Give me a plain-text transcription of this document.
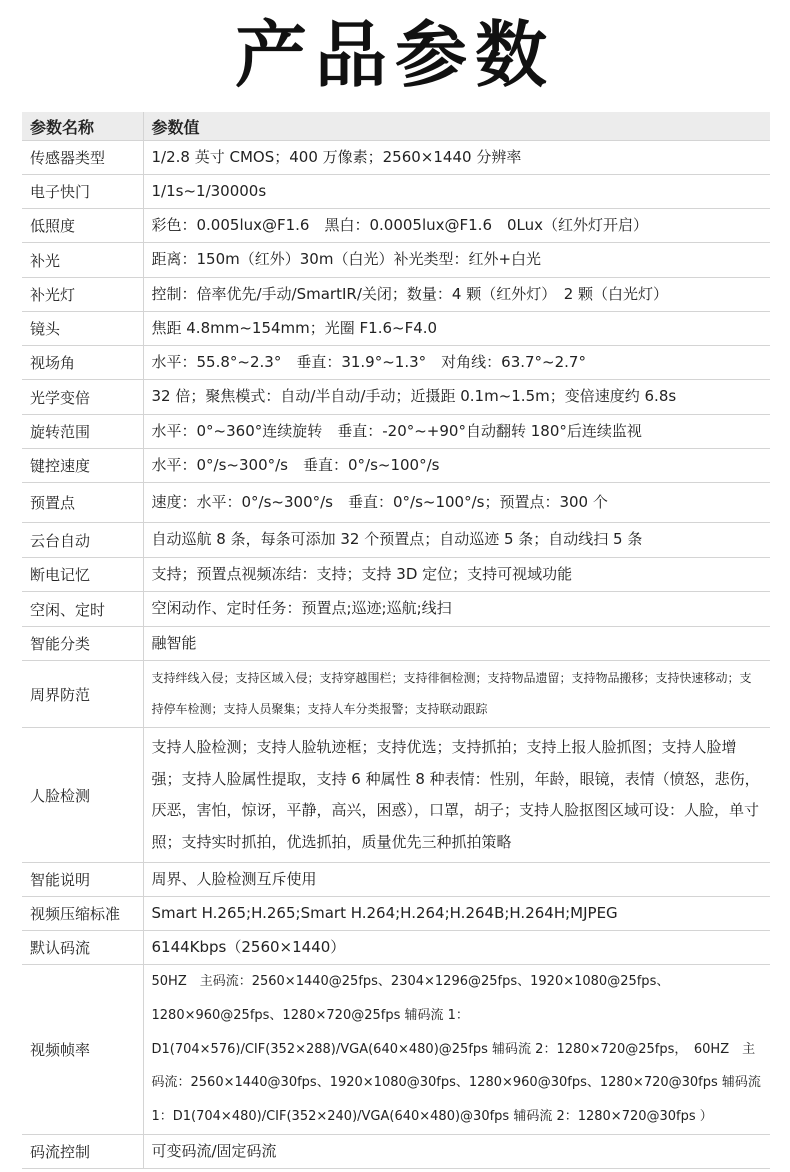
产品参数
参数名称	参数值
传感器类型	1/2.8 英寸 CMOS；400 万像素；2560×1440 分辨率
电子快门	1/1s~1/30000s
低照度	彩色：0.005lux@F1.6　黑白：0.0005lux@F1.6　0Lux（红外灯开启）
补光	距离：150m（红外）30m（白光）补光类型：红外+白光
补光灯	控制：倍率优先/手动/SmartIR/关闭；数量：4 颗（红外灯）　2 颗（白光灯）
镜头	焦距 4.8mm~154mm；光圈 F1.6~F4.0
视场角	水平：55.8°~2.3°　垂直：31.9°~1.3°　对角线：63.7°~2.7°
光学变倍	32 倍；聚焦模式：自动/半自动/手动；近摄距 0.1m~1.5m；变倍速度约 6.8s
旋转范围	水平：0°~360°连续旋转　垂直：-20°~+90°自动翻转 180°后连续监视
键控速度	水平：0°/s~300°/s　垂直：0°/s~100°/s
预置点	速度：水平：0°/s~300°/s　垂直：0°/s~100°/s；预置点：300 个
云台自动	自动巡航 8 条，每条可添加 32 个预置点；自动巡迹 5 条；自动线扫 5 条
断电记忆	支持；预置点视频冻结：支持；支持 3D 定位；支持可视域功能
空闲、定时	空闲动作、定时任务：预置点;巡迹;巡航;线扫
智能分类	融智能
周界防范	支持绊线入侵；支持区域入侵；支持穿越围栏；支持徘徊检测；支持物品遗留；支持物品搬移；支持快速移动；支持停车检测；支持人员聚集；支持人车分类报警；支持联动跟踪
人脸检测	支持人脸检测；支持人脸轨迹框；支持优选；支持抓拍；支持上报人脸抓图；支持人脸增强；支持人脸属性提取，支持 6 种属性 8 种表情：性别，年龄，眼镜，表情（愤怒，悲伤，厌恶，害怕，惊讶，平静，高兴，困惑），口罩，胡子；支持人脸抠图区域可设：人脸，单寸照；支持实时抓拍，优选抓拍，质量优先三种抓拍策略
智能说明	周界、人脸检测互斥使用
视频压缩标准	Smart H.265;H.265;Smart H.264;H.264;H.264B;H.264H;MJPEG
默认码流	6144Kbps（2560×1440）
视频帧率	50HZ　主码流：2560×1440@25fps、2304×1296@25fps、1920×1080@25fps、1280×960@25fps、1280×720@25fps 辅码流 1：D1(704×576)/CIF(352×288)/VGA(640×480)@25fps 辅码流 2：1280×720@25fps，　60HZ　主码流：2560×1440@30fps、1920×1080@30fps、1280×960@30fps、1280×720@30fps 辅码流 1：D1(704×480)/CIF(352×240)/VGA(640×480)@30fps 辅码流 2：1280×720@30fps ）
码流控制	可变码流/固定码流
